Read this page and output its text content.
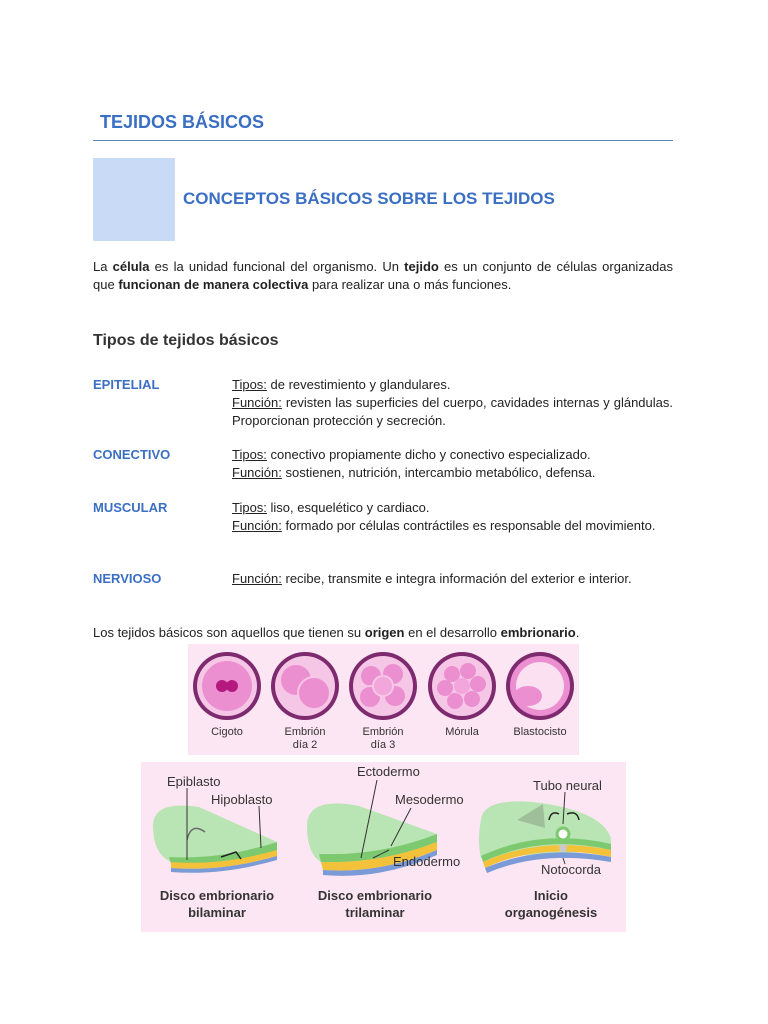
TEJIDOS BÁSICOS
CONCEPTOS BÁSICOS SOBRE LOS TEJIDOS
La célula es la unidad funcional del organismo. Un tejido es un conjunto de células organizadas que funcionan de manera colectiva para realizar una o más funciones.
Tipos de tejidos básicos
EPITELIAL	Tipos: de revestimiento y glandulares.
Función: revisten las superficies del cuerpo, cavidades internas y glándulas. Proporcionan protección y secreción.
CONECTIVO	Tipos: conectivo propiamente dicho y conectivo especializado.
Función: sostienen, nutrición, intercambio metabólico, defensa.
MUSCULAR	Tipos: liso, esquelético y cardiaco.
Función: formado por células contráctiles es responsable del movimiento.
NERVIOSO	Función: recibe, transmite e integra información del exterior e interior.
Los tejidos básicos son aquellos que tienen su origen en el desarrollo embrionario.
Cigoto	Embrión
día 2
Embrión
día 3
Mórula	Blastocisto
Epiblasto
Hipoblasto
Ectodermo
Mesodermo
Endodermo
Tubo neural
Notocorda
Disco embrionario
bilaminar
Disco embrionario
trilaminar
Inicio
organogénesis
